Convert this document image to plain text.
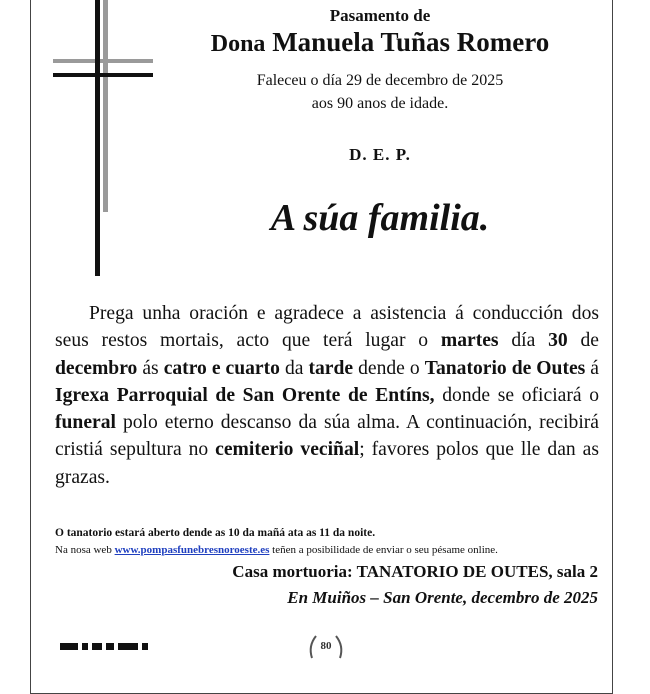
Pasamento de
Dona Manuela Tuñas Romero
Faleceu o día 29 de decembro de 2025
aos 90 anos de idade.
D. E. P.
A súa familia.
Prega unha oración e agradece a asistencia á conducción dos seus restos mortais, acto que terá lugar o martes día 30 de decembro ás catro e cuarto da tarde dende o Tanatorio de Outes á Igrexa Parroquial de San Orente de Entíns, donde se oficiará o funeral polo eterno descanso da súa alma. A continuación, recibirá cristiá sepultura no cemiterio veciñal; favores polos que lle dan as grazas.
O tanatorio estará aberto dende as 10 da mañá ata as 11 da noite.
Na nosa web www.pompasfunebresnoroeste.es teñen a posibilidade de enviar o seu pésame online.
Casa mortuoria: TANATORIO DE OUTES, sala 2
En Muiños – San Orente, decembro de 2025
80
